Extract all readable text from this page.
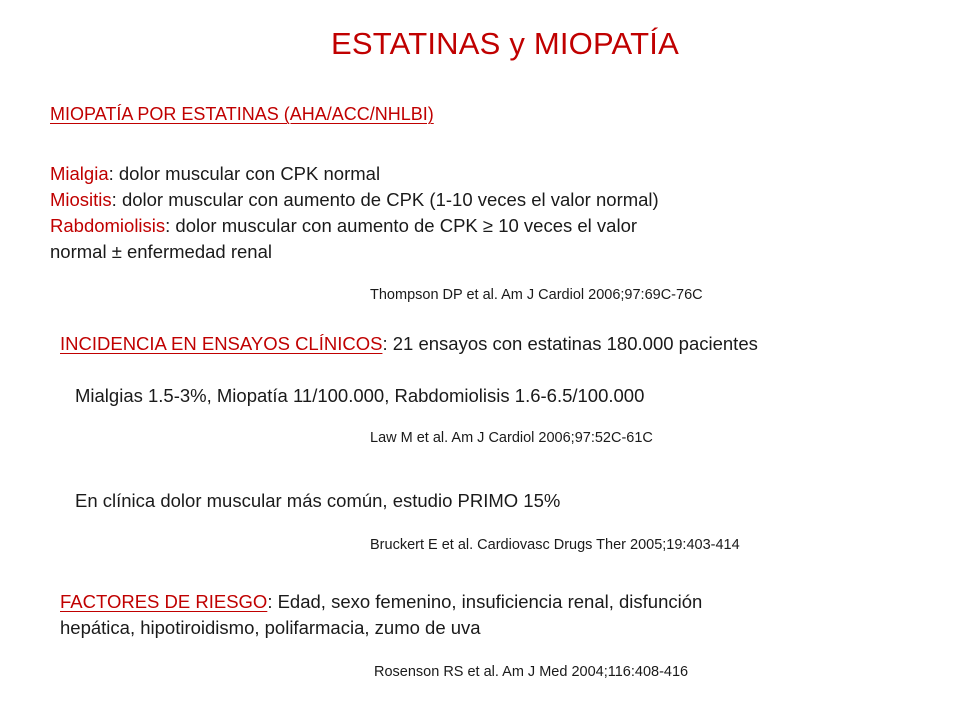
ESTATINAS y MIOPATÍA
MIOPATÍA POR ESTATINAS (AHA/ACC/NHLBI)
Mialgia: dolor muscular con CPK normal
Miositis: dolor muscular con aumento de CPK (1-10 veces el valor normal)
Rabdomiolisis: dolor muscular con aumento de CPK ≥ 10 veces el valor
normal ± enfermedad renal
Thompson DP et al. Am J Cardiol 2006;97:69C-76C
INCIDENCIA EN ENSAYOS CLÍNICOS: 21 ensayos con estatinas 180.000 pacientes
Mialgias 1.5-3%, Miopatía 11/100.000, Rabdomiolisis 1.6-6.5/100.000
Law M et al. Am J Cardiol 2006;97:52C-61C
En clínica dolor muscular más común, estudio PRIMO 15%
Bruckert E et al. Cardiovasc Drugs Ther 2005;19:403-414
FACTORES DE RIESGO: Edad, sexo femenino, insuficiencia renal, disfunción
hepática, hipotiroidismo, polifarmacia, zumo de uva
Rosenson RS et al. Am J Med 2004;116:408-416
